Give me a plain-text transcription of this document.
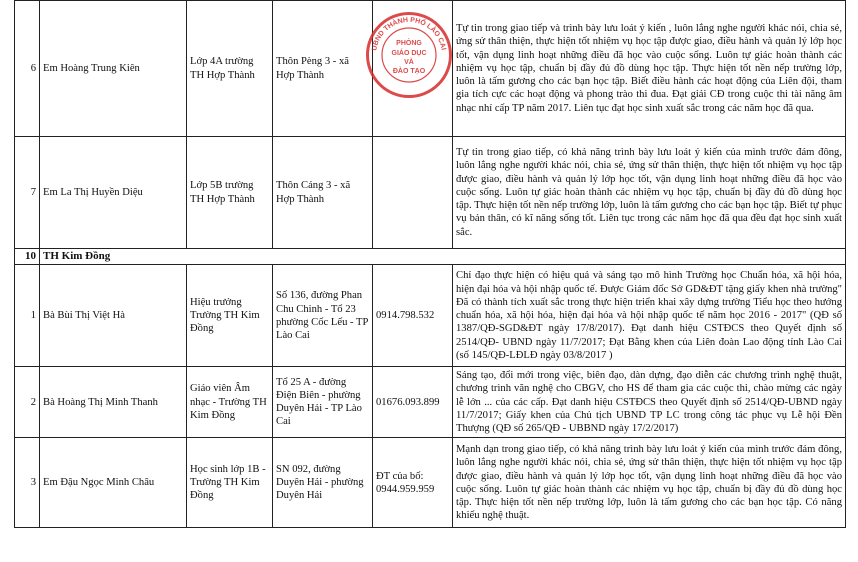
6	Em Hoàng Trung Kiên	Lớp 4A trường TH Hợp Thành	Thôn Pèng 3 - xã Hợp Thành		Tự tin trong giao tiếp và trình bày lưu loát ý kiến , luôn lắng nghe người khác nói, chia sẻ, ứng sử thân thiện, thực hiện tốt nhiệm vụ học tập được giao, điều hành và quản lý lớp học tốt, vận dụng linh hoạt những điều đã học vào cuộc sống. Luôn tự giác hoàn thành các nhiệm vụ học tập, chuẩn bị đầy đủ đồ dùng học tập. Thực hiện tốt nền nếp trường lớp, luôn là tấm gương cho các bạn học tập. Biết điều hành các hoạt động của Liên đội, tham gia tích cực các hoạt động và phong trào thi đua. Đạt giải CĐ trong cuộc thi tài năng âm nhạc nhí cấp TP năm 2017. Liên tục đạt học sinh xuất sắc trong các năm học đã qua.
7	Em La Thị Huyền Diệu	Lớp 5B trường TH Hợp Thành	Thôn Cáng 3 - xã Hợp Thành		Tự tin trong giao tiếp, có khả năng trình bày lưu loát ý kiến của mình trước đám đông, luôn lắng nghe người khác nói, chia sẻ, ứng sử thân thiện, thực hiện tốt nhiệm vụ học tập được giao, điều hành và quản lý lớp học tốt, vận dụng linh hoạt những điều đã học vào cuộc sống. Luôn tự giác hoàn thành các nhiệm vụ học tập, chuẩn bị đầy đủ đồ dùng học tập. Thực hiện tốt nền nếp trường lớp, luôn là tấm gương cho các bạn học tập. Biết tự phục vụ bản thân, có kĩ năng sống tốt. Liên tục trong các năm học đã qua đều đạt học sinh xuất sắc.
10	TH Kim Đồng				
1	Bà Bùi Thị Việt Hà	Hiệu trưởng Trường TH Kim Đồng	Số 136, đường Phan Chu Chinh - Tổ 23 phường Cốc Lếu - TP Lào Cai	0914.798.532	Chỉ đạo thực hiện có hiệu quả và sáng tạo mô hình Trường học Chuẩn hóa, xã hội hóa, hiện đại hóa và hội nhập quốc tế. Được Giám đốc Sở GD&ĐT tặng giấy khen nhà trường" Đã có thành tích xuất sắc trong thực hiện triển khai xây dựng trường Tiểu học theo hướng chuẩn hóa, xã hội hóa, hiện đại hóa và hội nhập quốc tế năm học 2016 - 2017" (QĐ số 1387/QĐ-SGD&ĐT ngày 17/8/2017). Đạt danh hiệu CSTĐCS theo Quyết định số 2514/QĐ- UBND ngày 11/7/2017; Đạt Bằng khen của Liên đoàn Lao động tỉnh Lào Cai (số 145/QĐ-LĐLĐ ngày 03/8/2017 )
2	Bà Hoàng Thị Minh Thanh	Giáo viên Âm nhạc - Trường TH Kim Đồng	Tổ 25 A - đường Điện Biên - phường Duyên Hải - TP Lào Cai	01676.093.899	Sáng tạo, đổi mới trong việc, biên đạo, dàn dựng, đạo diễn các chương trình nghệ thuật, chương trình văn nghệ cho CBGV, cho HS để tham gia các cuộc thi, chào mừng các ngày lễ lớn ... của các cấp. Đạt danh hiệu CSTĐCS theo Quyết định số 2514/QĐ-UBND ngày 11/7/2017; Giấy khen của Chủ tịch UBND TP LC trong công tác phục vụ Lễ hội Đền Thượng (QĐ số 265/QĐ - UBBND ngày 17/2/2017)
3	Em Đậu Ngọc Minh Châu	Học sinh lớp 1B - Trường TH Kim Đồng	SN 092, đường Duyên Hải - phường Duyên Hải	ĐT của bố: 0944.959.959	Mạnh dạn trong giao tiếp, có khả năng trình bày lưu loát ý kiến của mình trước đám đông, luôn lắng nghe người khác nói, chia sẻ, ứng sử thân thiện, thực hiện tốt nhiệm vụ học tập được giao, điều hành và quản lý lớp học tốt, vận dụng linh hoạt những điều đã học vào cuộc sống. Luôn tự giác hoàn thành các nhiệm vụ học tập, chuẩn bị đầy đủ đồ dùng học tập. Thực hiện tốt nền nếp trường lớp, luôn là tấm gương cho các bạn học tập. Có năng khiếu nghệ thuật.
UBND THÀNH PHỐ LÀO CAI
PHÒNG
GIÁO DỤC
VÀ
ĐÀO TẠO
